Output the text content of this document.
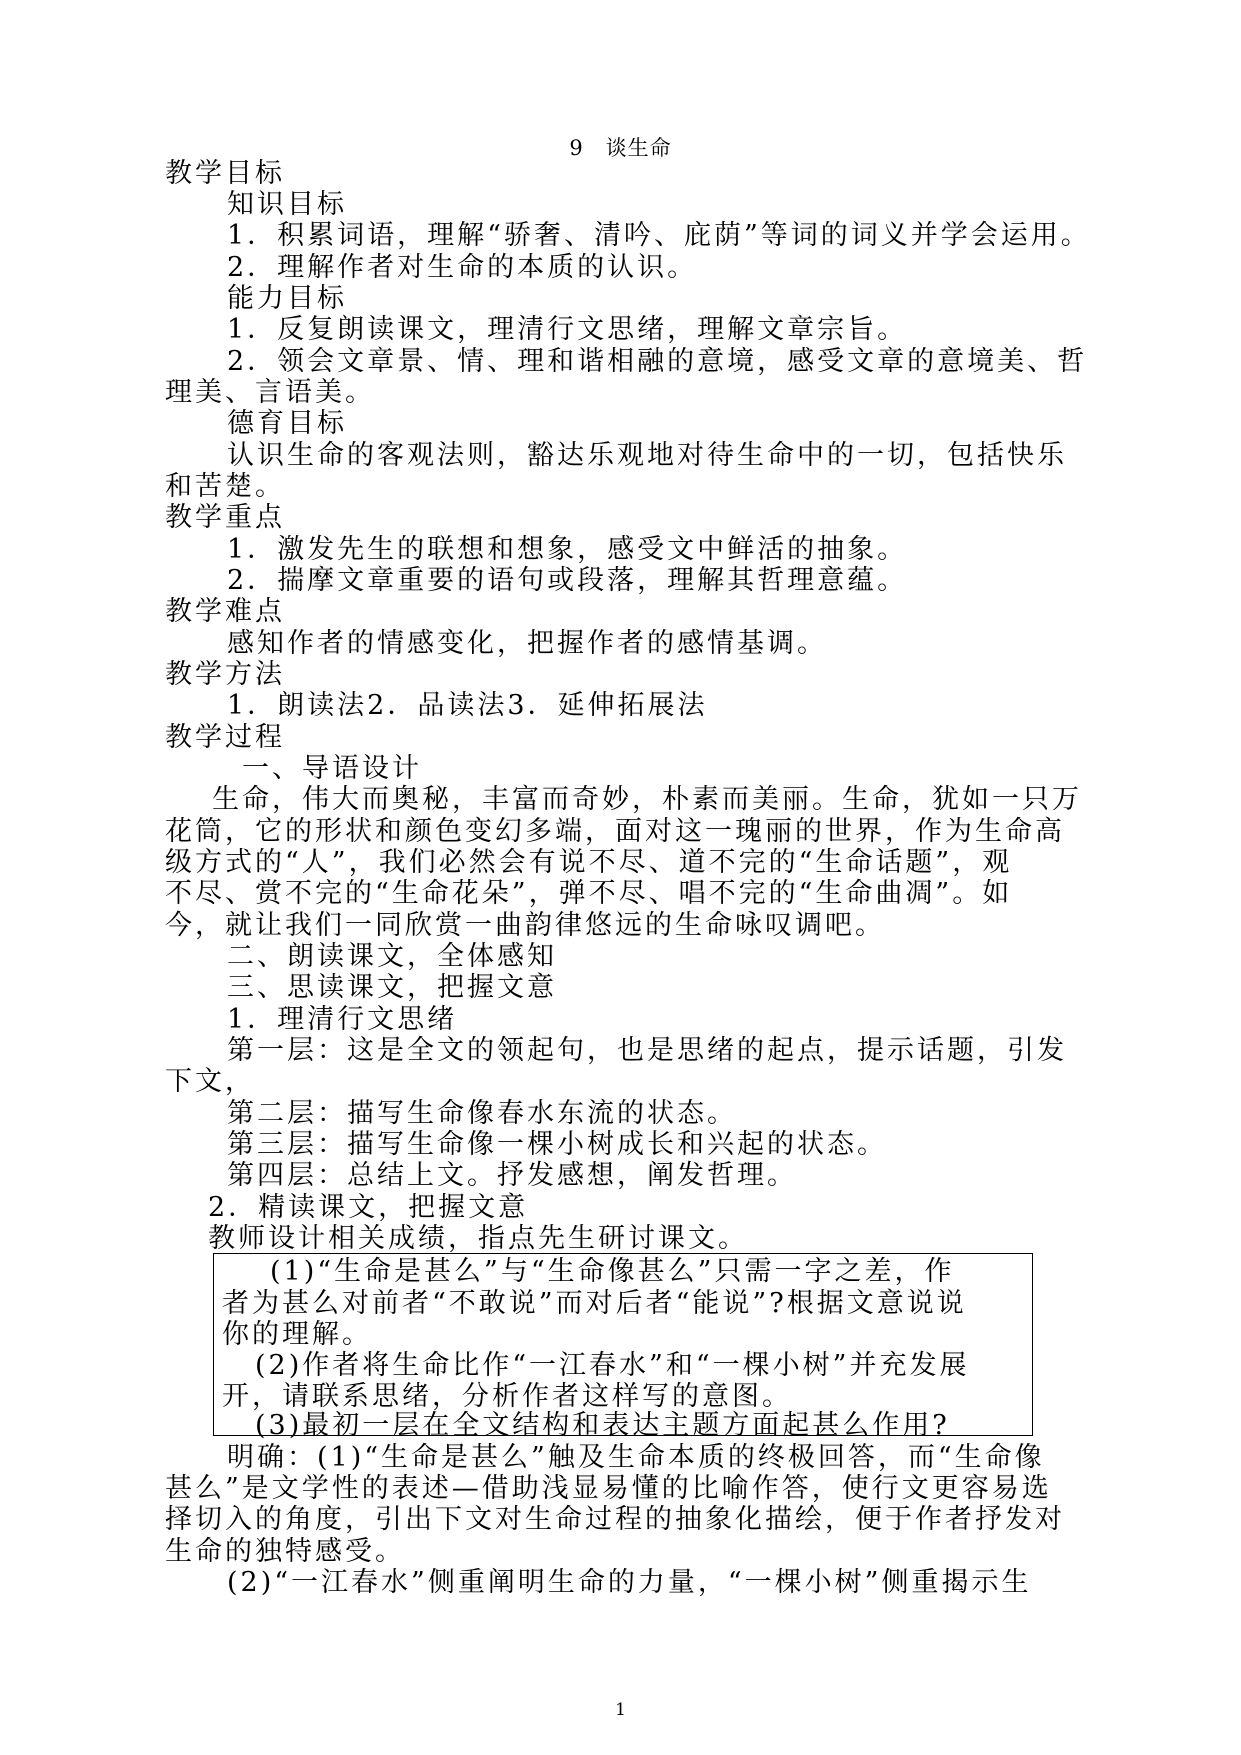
9　谈生命
教学目标
知识目标
1．积累词语，理解“骄奢、清吟、庇荫”等词的词义并学会运用。
2．理解作者对生命的本质的认识。
能力目标
1．反复朗读课文，理清行文思绪，理解文章宗旨。
2．领会文章景、情、理和谐相融的意境，感受文章的意境美、哲
理美、言语美。
德育目标
认识生命的客观法则，豁达乐观地对待生命中的一切，包括快乐
和苦楚。
教学重点
1．激发先生的联想和想象，感受文中鲜活的抽象。
2．揣摩文章重要的语句或段落，理解其哲理意蕴。
教学难点
感知作者的情感变化，把握作者的感情基调。
教学方法
1．朗读法2．品读法3．延伸拓展法
教学过程
一、导语设计
生命，伟大而奥秘，丰富而奇妙，朴素而美丽。生命，犹如一只万
花筒，它的形状和颜色变幻多端，面对这一瑰丽的世界，作为生命高
级方式的“人”，我们必然会有说不尽、道不完的“生命话题”，观
不尽、赏不完的“生命花朵”，弹不尽、唱不完的“生命曲凋”。如
今，就让我们一同欣赏一曲韵律悠远的生命咏叹调吧。
二、朗读课文，全体感知
三、思读课文，把握文意
1．理清行文思绪
第一层：这是全文的领起句，也是思绪的起点，提示话题，引发
下文，
第二层：描写生命像春水东流的状态。
第三层：描写生命像一棵小树成长和兴起的状态。
第四层：总结上文。抒发感想，阐发哲理。
2．精读课文，把握文意
教师设计相关成绩，指点先生研讨课文。
(1)“生命是甚么”与“生命像甚么”只需一字之差，作
者为甚么对前者“不敢说”而对后者“能说”?根据文意说说
你的理解。
(2)作者将生命比作“一江春水”和“一棵小树”并充发展
开，请联系思绪，分析作者这样写的意图。
(3)最初一层在全文结构和表达主题方面起甚么作用?
明确：(1)“生命是甚么”触及生命本质的终极回答，而“生命像
甚么”是文学性的表述—借助浅显易懂的比喻作答，使行文更容易选
择切入的角度，引出下文对生命过程的抽象化描绘，便于作者抒发对
生命的独特感受。
(2)“一江春水”侧重阐明生命的力量，“一棵小树”侧重揭示生
1
